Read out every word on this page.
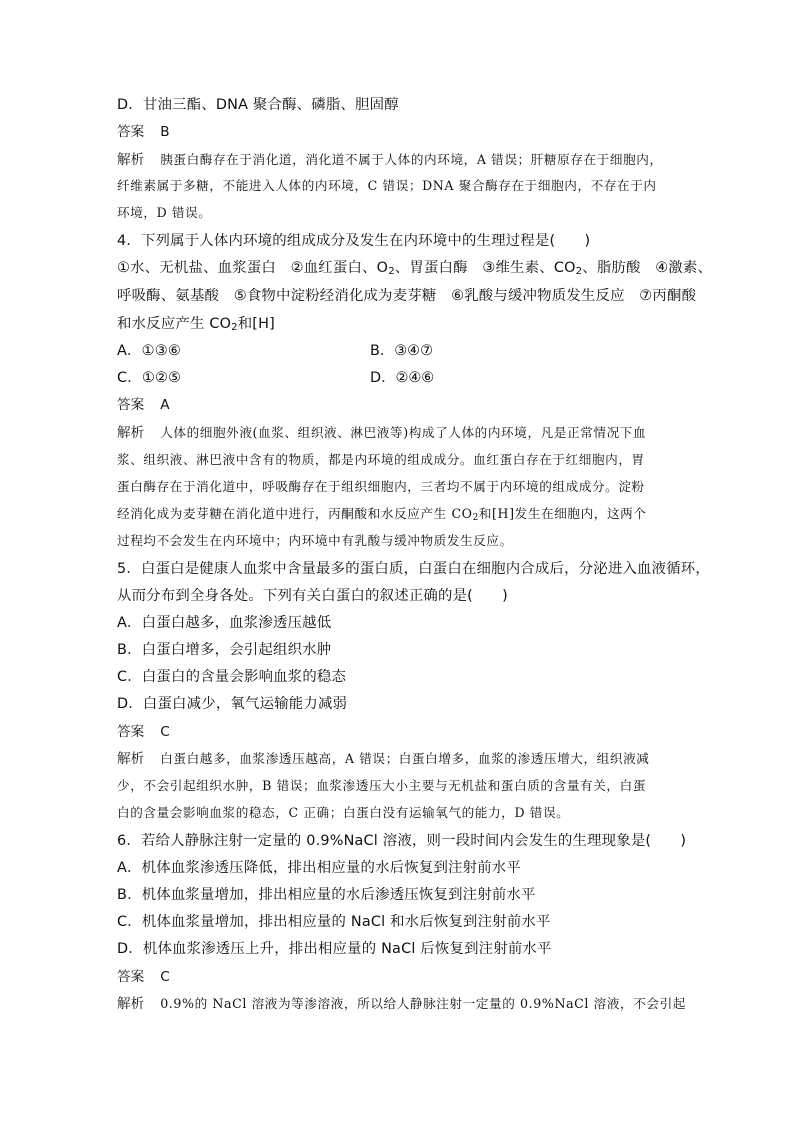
D．甘油三酯、DNA 聚合酶、磷脂、胆固醇
答案 B
解析 胰蛋白酶存在于消化道，消化道不属于人体的内环境，A 错误；肝糖原存在于细胞内，
纤维素属于多糖，不能进入人体的内环境，C 错误；DNA 聚合酶存在于细胞内，不存在于内
环境，D 错误。
4．下列属于人体内环境的组成成分及发生在内环境中的生理过程是(　　)
①水、无机盐、血浆蛋白　②血红蛋白、$O_2$、胃蛋白酶　③维生素、$CO_2$、脂肪酸　④激素、
呼吸酶、氨基酸　⑤食物中淀粉经消化成为麦芽糖　⑥乳酸与缓冲物质发生反应　⑦丙酮酸
和水反应产生 $CO_2$和[H]
A．①③⑥	B．③④⑦
C．①②⑤	D．②④⑥
答案 A
解析 人体的细胞外液(血浆、组织液、淋巴液等)构成了人体的内环境，凡是正常情况下血
浆、组织液、淋巴液中含有的物质，都是内环境的组成成分。血红蛋白存在于红细胞内，胃
蛋白酶存在于消化道中，呼吸酶存在于组织细胞内，三者均不属于内环境的组成成分。淀粉
经消化成为麦芽糖在消化道中进行，丙酮酸和水反应产生 $CO_2$和[H]发生在细胞内，这两个
过程均不会发生在内环境中；内环境中有乳酸与缓冲物质发生反应。
5．白蛋白是健康人血浆中含量最多的蛋白质，白蛋白在细胞内合成后，分泌进入血液循环，
从而分布到全身各处。下列有关白蛋白的叙述正确的是(　　)
A．白蛋白越多，血浆渗透压越低
B．白蛋白增多，会引起组织水肿
C．白蛋白的含量会影响血浆的稳态
D．白蛋白减少，氧气运输能力减弱
答案 C
解析 白蛋白越多，血浆渗透压越高，A 错误；白蛋白增多，血浆的渗透压增大，组织液减
少，不会引起组织水肿，B 错误；血浆渗透压大小主要与无机盐和蛋白质的含量有关，白蛋
白的含量会影响血浆的稳态，C 正确；白蛋白没有运输氧气的能力，D 错误。
6．若给人静脉注射一定量的 0.9%NaCl 溶液，则一段时间内会发生的生理现象是(　　)
A．机体血浆渗透压降低，排出相应量的水后恢复到注射前水平
B．机体血浆量增加，排出相应量的水后渗透压恢复到注射前水平
C．机体血浆量增加，排出相应量的 NaCl 和水后恢复到注射前水平
D．机体血浆渗透压上升，排出相应量的 NaCl 后恢复到注射前水平
答案 C
解析 0.9%的 NaCl 溶液为等渗溶液，所以给人静脉注射一定量的 0.9%NaCl 溶液，不会引起
